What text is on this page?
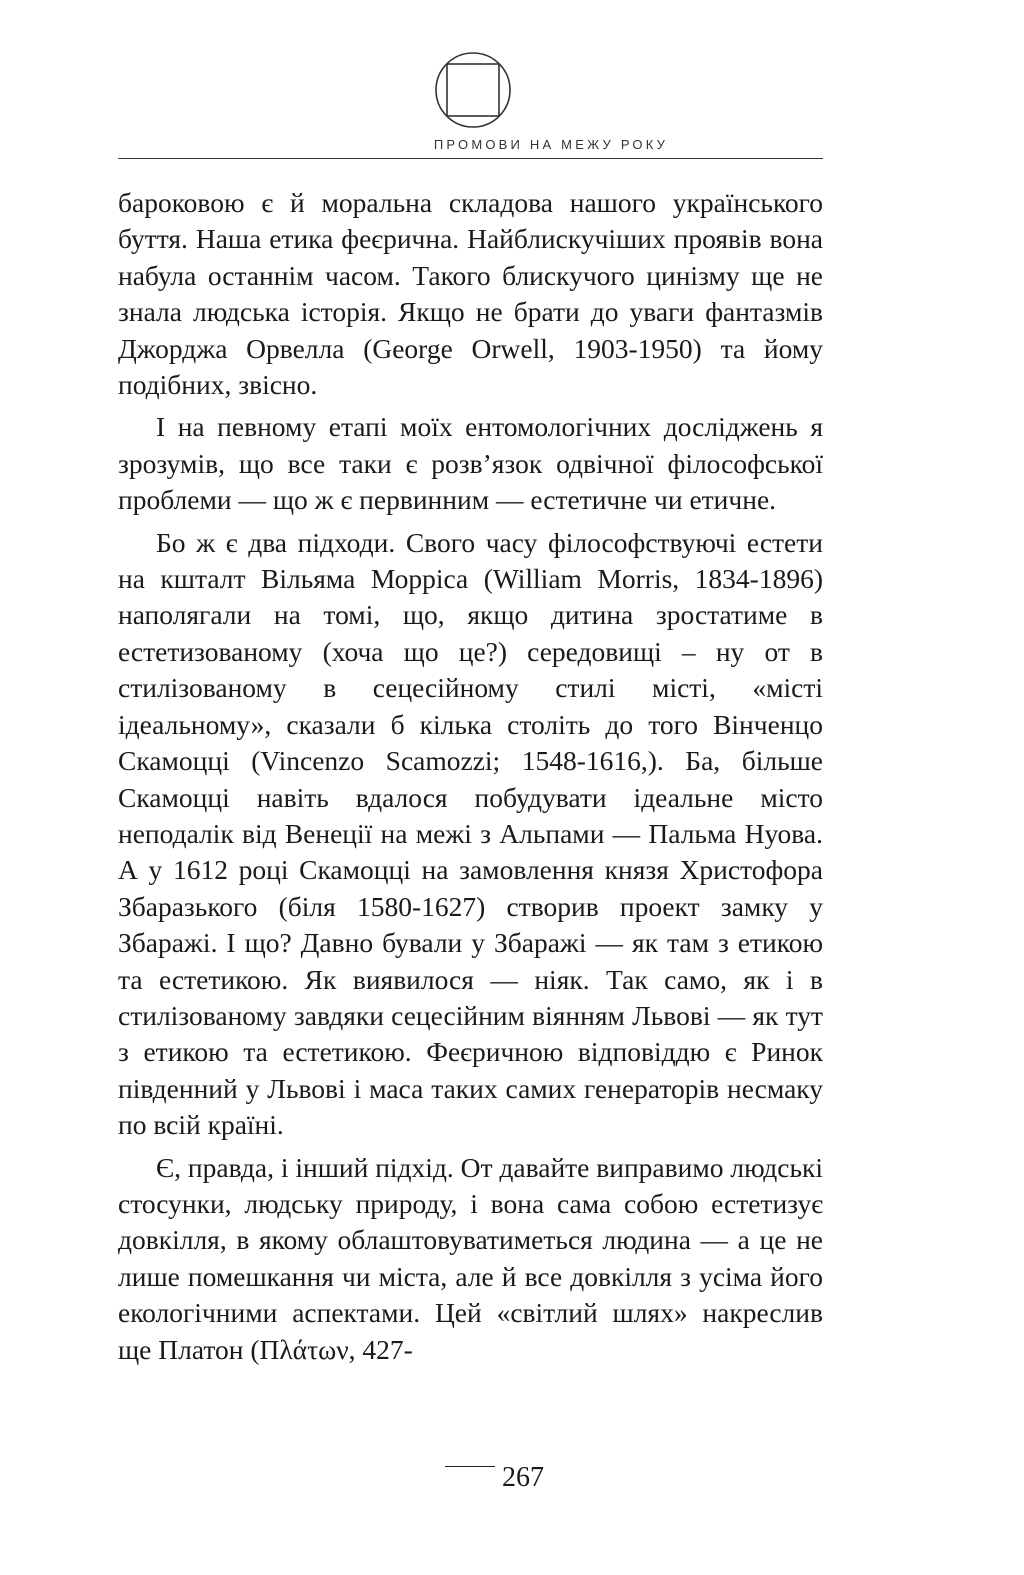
ПРОМОВИ НА МЕЖУ РОКУ

бароковою є й моральна складова нашого українського буття. Наша етика феєрична. Найблискучіших проявів вона набула останнім часом. Такого блискучого цинізму ще не знала людська історія. Якщо не брати до уваги фантазмів Джорджа Орвелла (George Orwell, 1903-1950) та йому подібних, звісно.

І на певному етапі моїх ентомологічних досліджень я зрозумів, що все таки є розв’язок одвічної філософської проблеми — що ж є первинним — естетичне чи етичне.

Бо ж є два підходи. Свого часу філософствуючі естети на кшталт Вільяма Морріса (William Morris, 1834-1896) наполягали на томі, що, якщо дитина зростатиме в естетизованому (хоча що це?) середовищі – ну от в стилізованому в сецесійному стилі місті, «місті ідеальному», сказали б кілька століть до того Вінченцо Скамоцці (Vincenzo Scamozzi; 1548-1616,). Ба, більше Скамоцці навіть вдалося побудувати ідеальне місто неподалік від Венеції на межі з Альпами — Пальма Нуова. А у 1612 році Скамоцці на замовлення князя Христофора Збаразького (біля 1580-1627) створив проект замку у Збаражі. І що? Давно бували у Збаражі — як там з етикою та естетикою. Як виявилося — ніяк. Так само, як і в стилізованому завдяки сецесійним віянням Львові — як тут з етикою та естетикою. Феєричною відповіддю є Ринок південний у Львові і маса таких самих генераторів несмаку по всій країні.

Є, правда, і інший підхід. От давайте виправимо людські стосунки, людську природу, і вона сама собою естетизує довкілля, в якому облаштовуватиметься людина — а це не лише помешкання чи міста, але й все довкілля з усіма його екологічними аспектами. Цей «світлий шлях» накреслив ще Платон (Πλάτων, 427-

267
